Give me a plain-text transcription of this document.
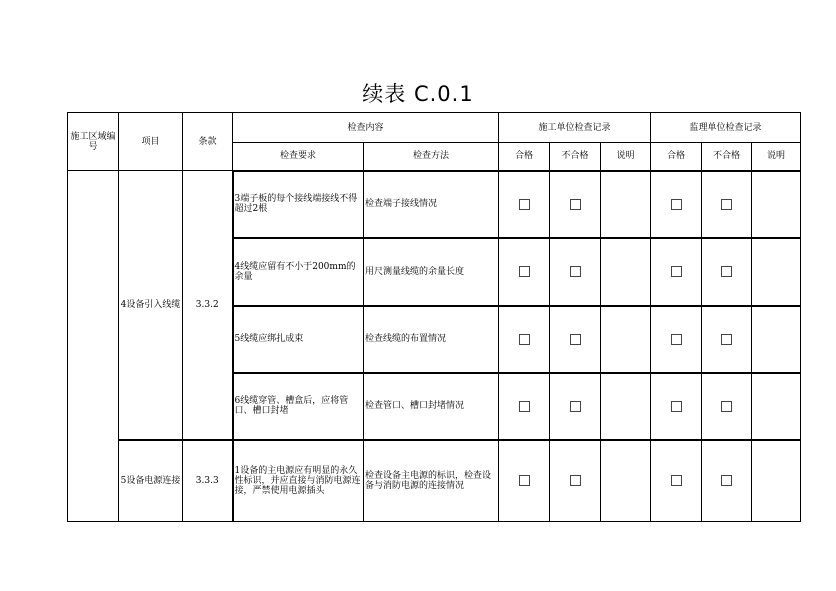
续表 C.0.1
施工区域编号	项目	条款	检查内容		施工单位检查记录			监理单位检查记录		
			检查要求	检查方法	合格	不合格	说明	合格	不合格	说明
	4设备引入线缆	3.3.2	3端子板的每个接线端接线不得超过2根	检查端子接线情况						
			4线缆应留有不小于200mm的余量	用尺测量线缆的余量长度						
			5线缆应绑扎成束	检查线缆的布置情况						
			6线缆穿管、槽盒后，应将管口、槽口封堵	检查管口、槽口封堵情况						
	5设备电源连接	3.3.3	1设备的主电源应有明显的永久性标识，并应直接与消防电源连接，严禁使用电源插头	检查设备主电源的标识，检查设备与消防电源的连接情况						
